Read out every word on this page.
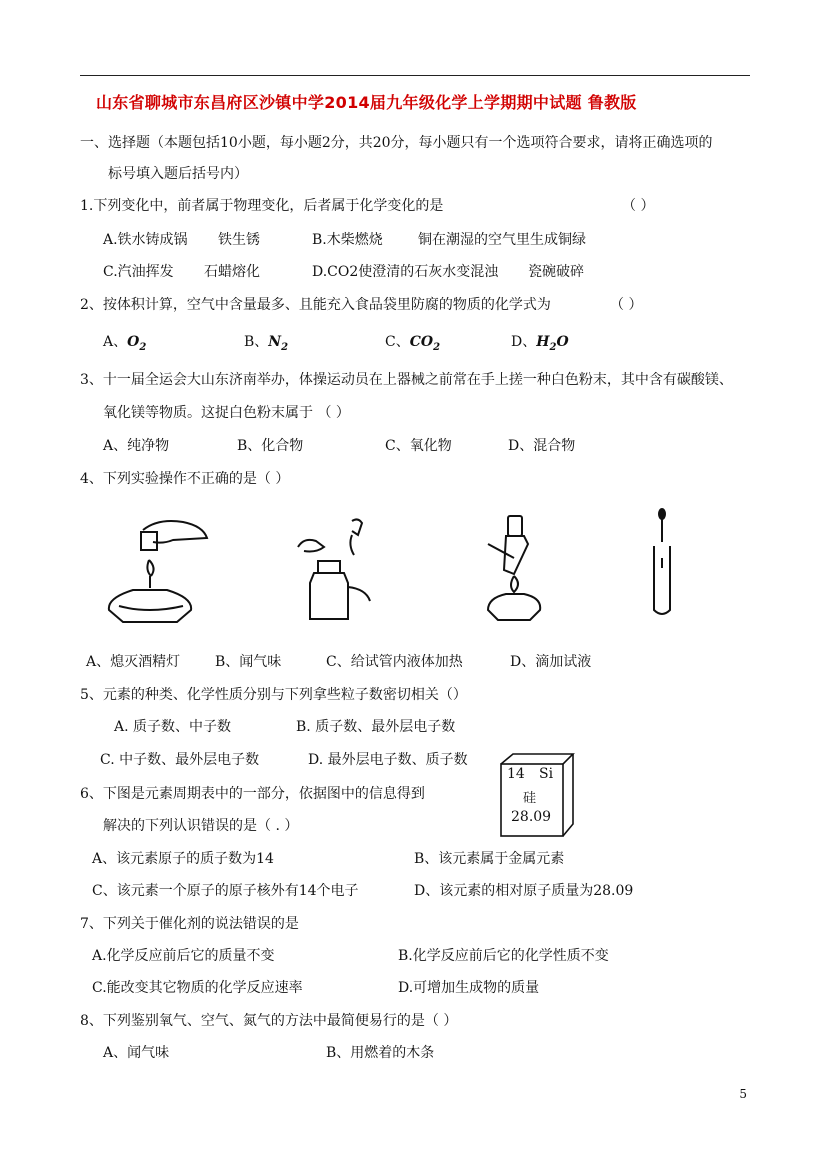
山东省聊城市东昌府区沙镇中学2014届九年级化学上学期期中试题 鲁教版
一、选择题（本题包括10小题，每小题2分，共20分，每小题只有一个选项符合要求，请将正确选项的
标号填入题后括号内）
1.下列变化中，前者属于物理变化，后者属于化学变化的是	（ ）
A.铁水铸成锅 铁生锈	B.木柴燃烧	铜在潮湿的空气里生成铜绿
C.汽油挥发 石蜡熔化	D.CO2使澄清的石灰水变混浊 瓷碗破碎
2、按体积计算，空气中含量最多、且能充入食品袋里防腐的物质的化学式为	（ ）
A、$O_2$	B、$N_2$	C、$CO_2$	D、$H_2O$
3、十一届全运会大山东济南举办，体操运动员在上器械之前常在手上搓一种白色粉末，其中含有碳酸镁、
氧化镁等物质。这捉白色粉末属于 （ ）
A、纯净物	B、化合物	C、氧化物	D、混合物
4、下列实验操作不正确的是（ ）
A、熄灭酒精灯 B、闻气味	C、给试管内液体加热	D、滴加试液
5、元素的种类、化学性质分别与下列拿些粒子数密切相关（）
A. 质子数、中子数	B. 质子数、最外层电子数
C. 中子数、最外层电子数	D. 最外层电子数、质子数
6、下图是元素周期表中的一部分，依据图中的信息得到
解决的下列认识错误的是（ . ）
14 Si
硅
28.09
A、该元素原子的质子数为14	B、该元素属于金属元素
C、该元素一个原子的原子核外有14个电子	D、该元素的相对原子质量为28.09
7、下列关于催化剂的说法错误的是
A.化学反应前后它的质量不变	B.化学反应前后它的化学性质不变
C.能改变其它物质的化学反应速率	D.可增加生成物的质量
8、下列鉴别氧气、空气、氮气的方法中最简便易行的是（ ）
A、闻气味	B、用燃着的木条
5
